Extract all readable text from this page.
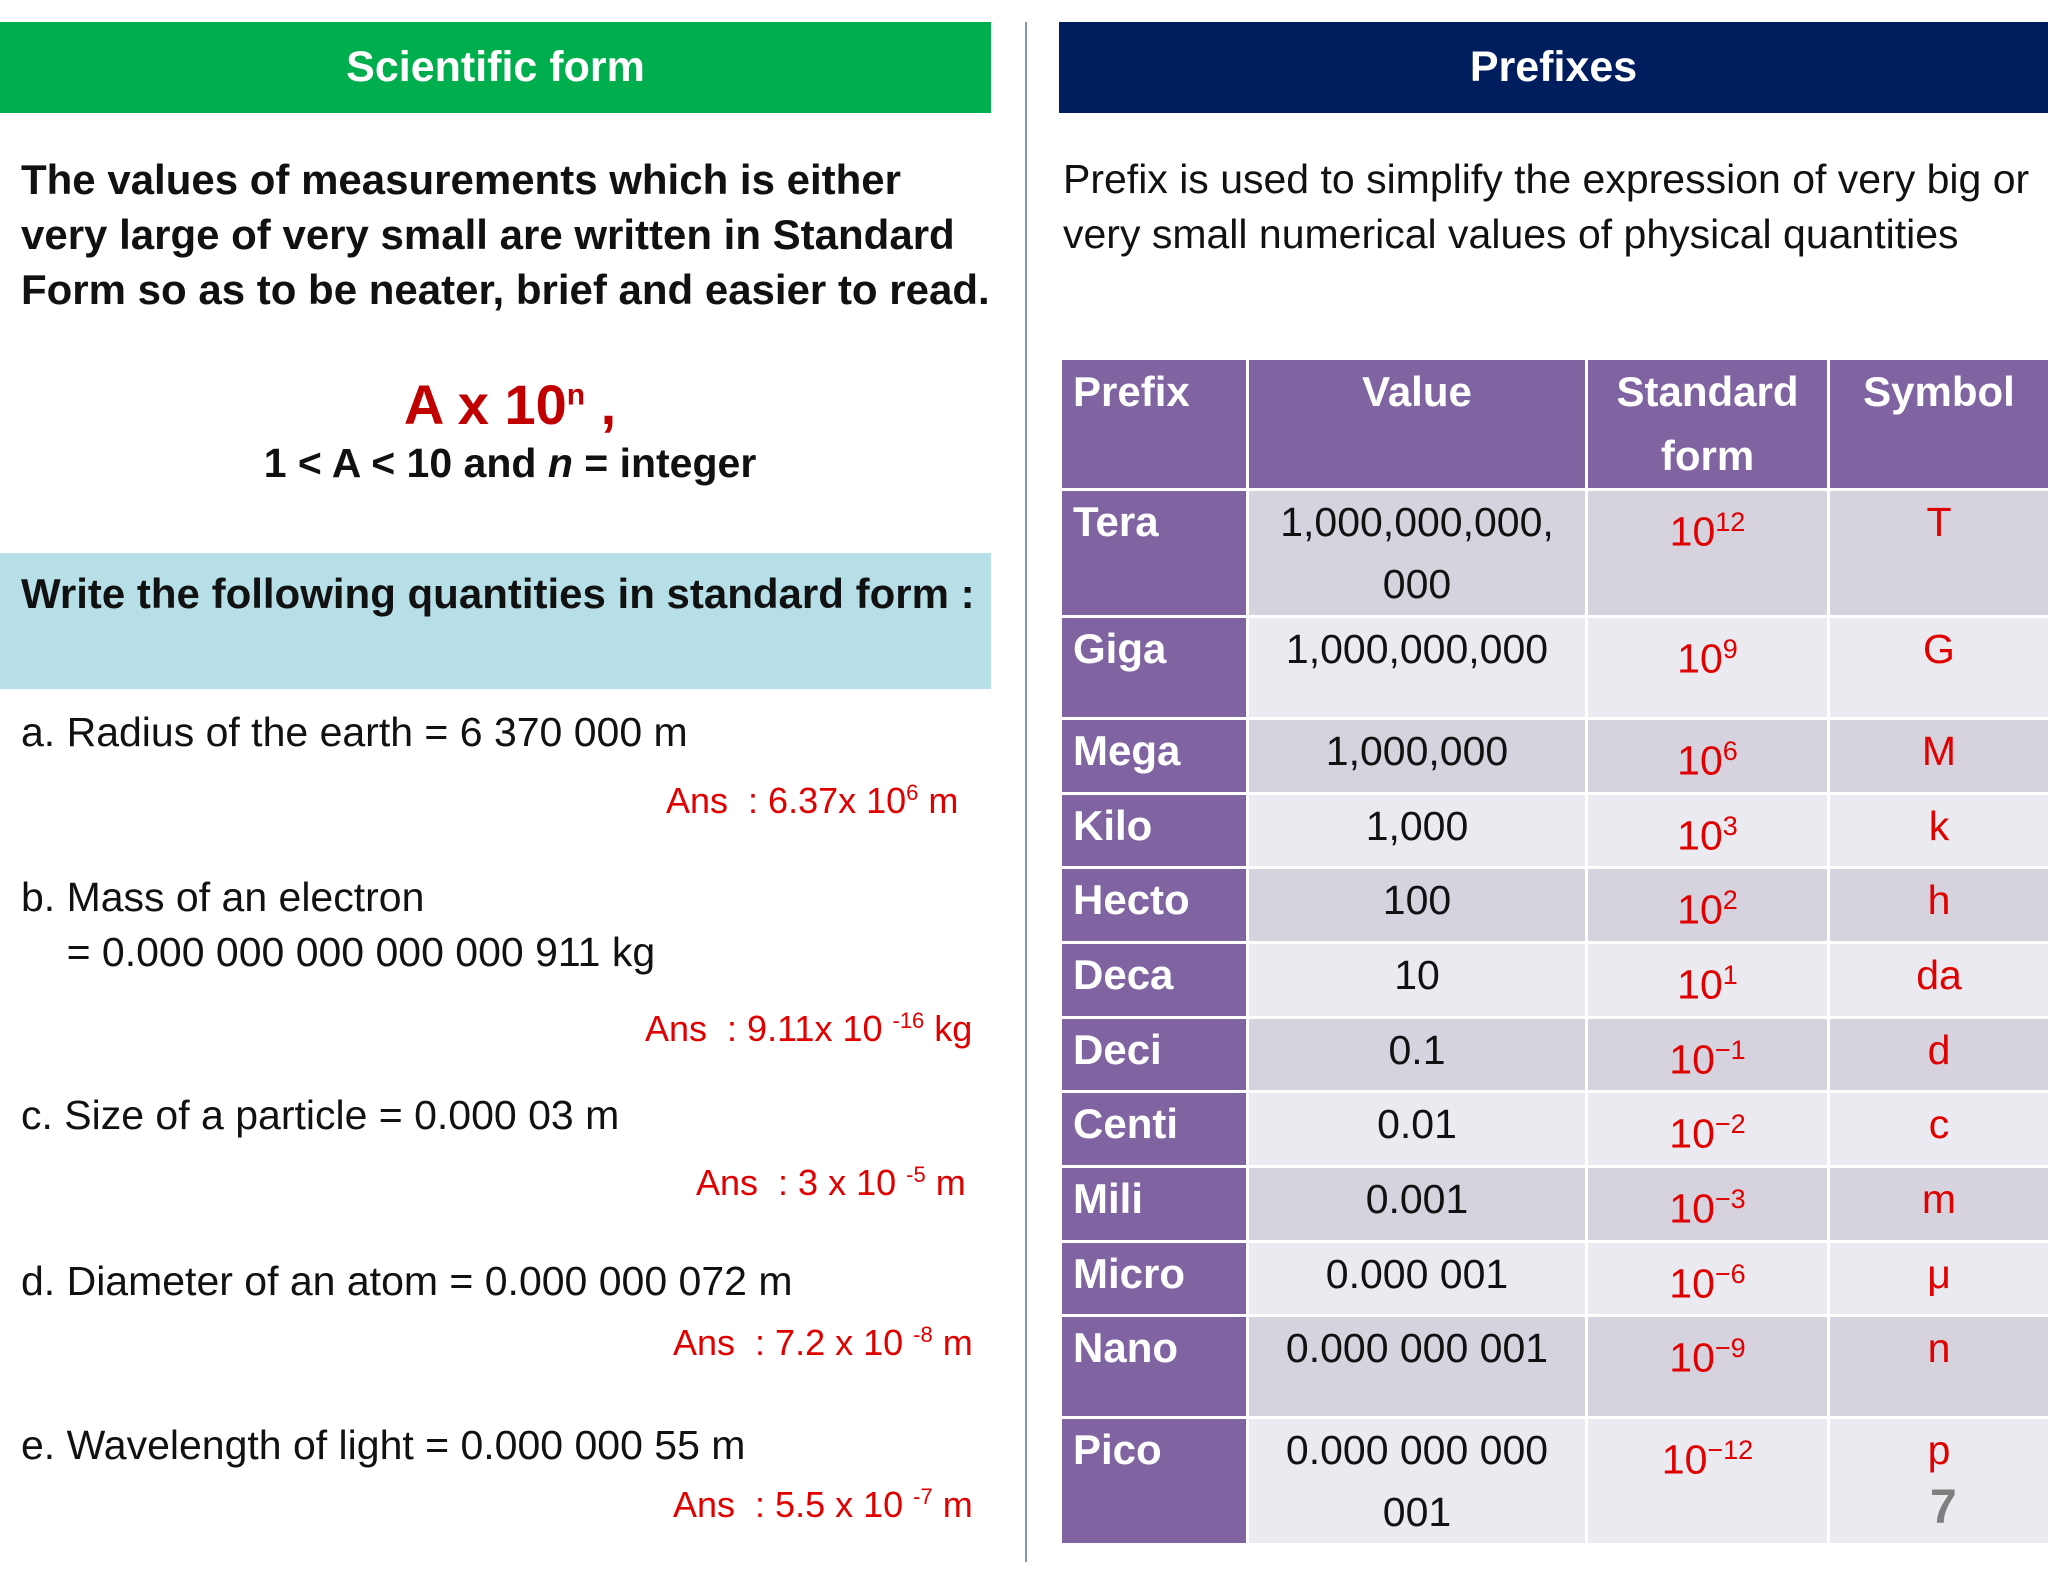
Scientific form	Prefixes
The values of measurements which is either very large of very small are written in Standard Form so as to be neater, brief and easier to read.
A x 10$^n$ ,
1 < A < 10 and n = integer
Write the following quantities in standard form :
a. Radius of the earth = 6 370 000 m
Ans  : 6.37x $10^6$ m
b. Mass of an electron
= 0.000 000 000 000 000 911 kg
Ans  : 9.11x 10 $^{-16}$ kg
c. Size of a particle = 0.000 03 m
Ans  : 3 x 10 $^{-5}$ m
d. Diameter of an atom = 0.000 000 072 m
Ans  : 7.2 x 10 $^{-8}$ m
e. Wavelength of light = 0.000 000 55 m
Ans  : 5.5 x 10 $^{-7}$ m
Prefix is used to simplify the expression of very big or very small numerical values of physical quantities
Prefix	Value	Standard form	Symbol
Tera	1,000,000,000, 000	$10^{12}$	T
Giga	1,000,000,000	$10^9$	G
Mega	1,000,000	$10^6$	M
Kilo	1,000	$10^3$	k
Hecto	100	$10^2$	h
Deca	10	$10^1$	da
Deci	0.1	$10^{-1}$	d
Centi	0.01	$10^{-2}$	c
Mili	0.001	$10^{-3}$	m
Micro	0.000 001	$10^{-6}$	μ
Nano	0.000 000 001	$10^{-9}$	n
Pico	0.000 000 000 001	$10^{-12}$	p
7
